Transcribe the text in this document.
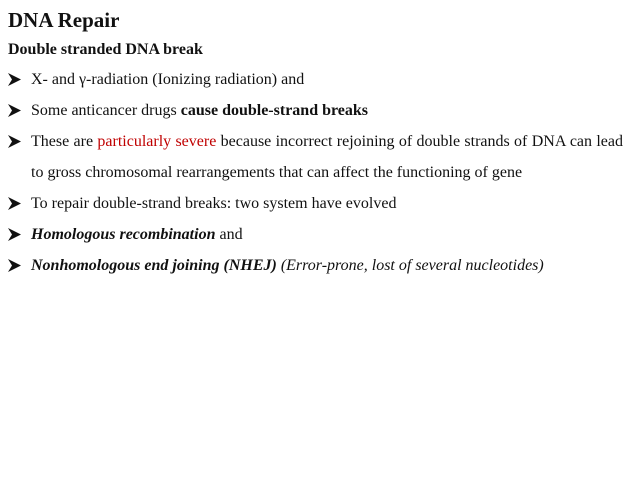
DNA Repair
Double stranded DNA break
X- and γ-radiation (Ionizing radiation) and
Some anticancer drugs cause double-strand breaks
These are particularly severe because incorrect rejoining of double strands of DNA can lead to gross chromosomal rearrangements that can affect the functioning of gene
To repair double-strand breaks: two system have evolved
Homologous recombination and
Nonhomologous end joining (NHEJ) (Error-prone, lost of several nucleotides)
